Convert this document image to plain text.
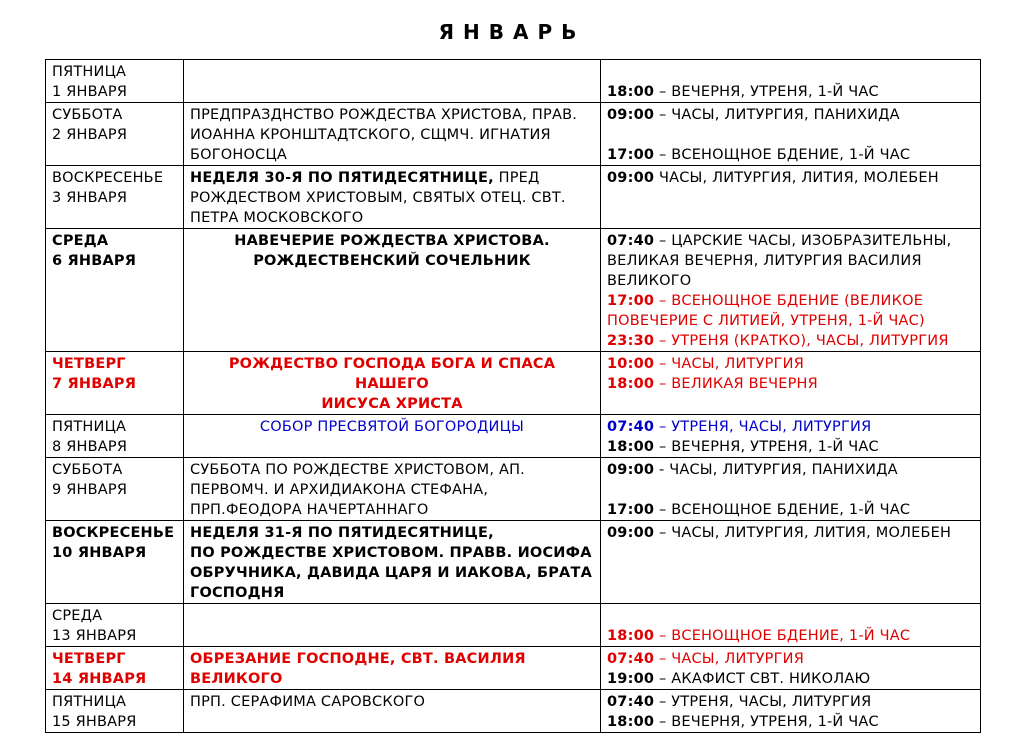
ЯНВАРЬ
ПЯТНИЦА
1 ЯНВАРЯ		18:00 – ВЕЧЕРНЯ, УТРЕНЯ, 1-Й ЧАС

СУББОТА
2 ЯНВАРЯ	ПРЕДПРАЗДНСТВО РОЖДЕСТВА ХРИСТОВА, ПРАВ.
ИОАННА КРОНШТАДТСКОГО, СЩМЧ. ИГНАТИЯ
БОГОНОСЦА	09:00 – ЧАСЫ, ЛИТУРГИЯ, ПАНИХИДА
17:00 – ВСЕНОЩНОЕ БДЕНИЕ, 1-Й ЧАС

ВОСКРЕСЕНЬЕ
3 ЯНВАРЯ	НЕДЕЛЯ 30-Я ПО ПЯТИДЕСЯТНИЦЕ, ПРЕД
РОЖДЕСТВОМ ХРИСТОВЫМ, СВЯТЫХ ОТЕЦ. СВТ.
ПЕТРА МОСКОВСКОГО	09:00 ЧАСЫ, ЛИТУРГИЯ, ЛИТИЯ, МОЛЕБЕН

СРЕДА
6 ЯНВАРЯ	НАВЕЧЕРИЕ РОЖДЕСТВА ХРИСТОВА.
РОЖДЕСТВЕНСКИЙ СОЧЕЛЬНИК	07:40 – ЦАРСКИЕ ЧАСЫ, ИЗОБРАЗИТЕЛЬНЫ, ВЕЛИКАЯ ВЕЧЕРНЯ, ЛИТУРГИЯ ВАСИЛИЯ ВЕЛИКОГО
17:00 – ВСЕНОЩНОЕ БДЕНИЕ (ВЕЛИКОЕ ПОВЕЧЕРИЕ С ЛИТИЕЙ, УТРЕНЯ, 1-Й ЧАС)
23:30 – УТРЕНЯ (КРАТКО), ЧАСЫ, ЛИТУРГИЯ

ЧЕТВЕРГ
7 ЯНВАРЯ	РОЖДЕСТВО ГОСПОДА БОГА И СПАСА НАШЕГО
ИИСУСА ХРИСТА	10:00 – ЧАСЫ, ЛИТУРГИЯ
18:00 – ВЕЛИКАЯ ВЕЧЕРНЯ

ПЯТНИЦА
8 ЯНВАРЯ	СОБОР ПРЕСВЯТОЙ БОГОРОДИЦЫ	07:40 – УТРЕНЯ, ЧАСЫ, ЛИТУРГИЯ
18:00 – ВЕЧЕРНЯ, УТРЕНЯ, 1-Й ЧАС

СУББОТА
9 ЯНВАРЯ	СУББОТА ПО РОЖДЕСТВЕ ХРИСТОВОМ, АП.
ПЕРВОМЧ. И АРХИДИАКОНА СТЕФАНА,
ПРП.ФЕОДОРА НАЧЕРТАННАГО	09:00 - ЧАСЫ, ЛИТУРГИЯ, ПАНИХИДА
17:00 – ВСЕНОЩНОЕ БДЕНИЕ, 1-Й ЧАС

ВОСКРЕСЕНЬЕ
10 ЯНВАРЯ	НЕДЕЛЯ 31-Я ПО ПЯТИДЕСЯТНИЦЕ,
ПО РОЖДЕСТВЕ ХРИСТОВОМ. ПРАВВ. ИОСИФА
ОБРУЧНИКА, ДАВИДА ЦАРЯ И ИАКОВА, БРАТА
ГОСПОДНЯ	09:00 – ЧАСЫ, ЛИТУРГИЯ, ЛИТИЯ, МОЛЕБЕН

СРЕДА
13 ЯНВАРЯ		18:00 – ВСЕНОЩНОЕ БДЕНИЕ, 1-Й ЧАС

ЧЕТВЕРГ
14 ЯНВАРЯ	ОБРЕЗАНИЕ ГОСПОДНЕ, СВТ. ВАСИЛИЯ
ВЕЛИКОГО	07:40 – ЧАСЫ, ЛИТУРГИЯ
19:00 – АКАФИСТ СВТ. НИКОЛАЮ

ПЯТНИЦА
15 ЯНВАРЯ	ПРП. СЕРАФИМА САРОВСКОГО	07:40 – УТРЕНЯ, ЧАСЫ, ЛИТУРГИЯ
18:00 – ВЕЧЕРНЯ, УТРЕНЯ, 1-Й ЧАС
